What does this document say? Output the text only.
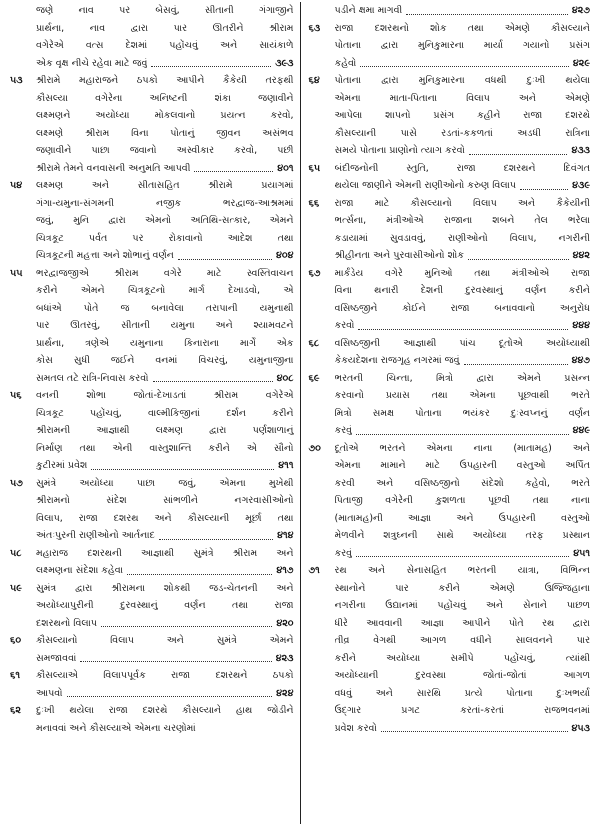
જણે નાવ પર બેસવું, સીતાની ગંગાજીને
પ્રાર્થના, નાવ દ્વારા પાર ઊતરીને શ્રીરામ
વગેરેએ વત્સ દેશમાં પહોંચવું અને સાયંકાળે
એક વૃક્ષ નીચે રહેવા માટે જવું	૩૯૩
૫૩	શ્રીરામે મહારાજને ઠપકો આપીને કૈકેયી તરફથી
કૌસલ્યા વગેરેના અનિષ્ટની શંકા જણાવીને
લક્ષ્મણને અયોધ્યા મોકલવાનો પ્રયત્ન કરવો,
લક્ષ્મણે શ્રીરામ વિના પોતાનું જીવન અસંભવ
જણાવીને પાછા જવાનો અસ્વીકાર કરવો, પછી
શ્રીરામે તેમને વનવાસની અનુમતિ આપવી	૪૦૧
૫૪	લક્ષ્મણ અને સીતાસહિત શ્રીરામે પ્રયાગમાં
ગંગા-યમુના-સંગમની નજીક ભરદ્વાજ-આશ્રમમાં
જવું, મુનિ દ્વારા એમનો અતિથિ-સત્કાર, એમને
ચિત્રકૂટ પર્વત પર રોકાવાનો આદેશ તથા
ચિત્રકૂટની મહત્તા અને શોભાનું વર્ણન	૪૦૪
૫૫	ભરદ્વાજજીએ શ્રીરામ વગેરે માટે સ્વસ્તિવાચન
કરીને એમને ચિત્રકૂટનો માર્ગ દેખાડવો, એ
બધાંએ પોતે જ બનાવેલા તરાપાની યમુનાથી
પાર ઊતરવું, સીતાની યમુના અને શ્યામવટને
પ્રાર્થના, ત્રણેએ યમુનાના કિનારાના માર્ગે એક
કોસ સુધી જઈને વનમાં વિચરવું, યમુનાજીના
સમતલ તટે રાત્રિ-નિવાસ કરવો	૪૦૮
૫૬	વનની શોભા જોતાં-દેખાડતાં શ્રીરામ વગેરેએ
ચિત્રકૂટ પહોંચવું, વાલ્મીકિજીનાં દર્શન કરીને
શ્રીરામની આજ્ઞાથી લક્ષ્મણ દ્વારા પર્ણશાળાનું
નિર્માણ તથા એની વાસ્તુશાન્તિ કરીને એ સૌનો
કુટીરમાં પ્રવેશ	૪૧૧
૫૭	સુમંત્રે અયોધ્યા પાછા જવું, એમના મુખેથી
શ્રીરામનો સંદેશ સાંભળીને નગરવાસીઓનો
વિલાપ, રાજા દશરથ અને કૌસલ્યાની મૂર્છા તથા
અંતઃપુરની રાણીઓનો આર્તનાદ	૪૧૪
૫૮	મહારાજ દશરથની આજ્ઞાથી સુમંત્રે શ્રીરામ અને
લક્ષ્મણના સંદેશા કહેવા	૪૧૭
૫૯	સુમંત્ર દ્વારા શ્રીરામના શોકથી જડ-ચેતનની અને
અયોધ્યાપુરીની દુરવસ્થાનું વર્ણન તથા રાજા
દશરથનો વિલાપ	૪૨૦
૬૦	કૌસલ્યાનો વિલાપ અને સુમંત્રે એમને
સમજાવવાં	૪૨૩
૬૧	કૌસલ્યાએ વિલાપપૂર્વક રાજા દશરથને ઠપકો
આપવો	૪૨૪
૬૨	દુઃખી થયેલા રાજા દશરથે કૌસલ્યાને હાથ જોડીને
મનાવવાં અને કૌસલ્યાએ એમના ચરણોમાં
પડીને ક્ષમા માગવી	૪૨૭
૬૩	રાજા દશરથનો શોક તથા એમણે કૌસલ્યાને
પોતાના દ્વારા મુનિકુમારના માર્યા ગયાનો પ્રસંગ
કહેવો	૪૨૯
૬૪	પોતાના દ્વારા મુનિકુમારના વધથી દુઃખી થયેલા
એમના માતા-પિતાના વિલાપ અને એમણે
આપેલા શાપનો પ્રસંગ કહીને રાજા દશરથે
કૌસલ્યાની પાસે રડતાં-કકળતાં અડધી રાત્રિના
સમયે પોતાના પ્રાણોનો ત્યાગ કરવો	૪૩૩
૬૫	બંદીજનોની સ્તુતિ, રાજા દશરથને દિવંગત
થયેલા જાણીને એમની રાણીઓનો કરુણ વિલાપ	૪૩૯
૬૬	રાજા માટે કૌસલ્યાનો વિલાપ અને કૈકેયીની
ભર્ત્સના, મંત્રીઓએ રાજાના શબને તેલ ભરેલા
કડાયામાં સુવડાવવું, રાણીઓનો વિલાપ, નગરીની
શ્રીહીનતા અને પુરવાસીઓનો શોક	૪૪૨
૬૭	માર્કંડેય વગેરે મુનિઓ તથા મંત્રીઓએ રાજા
વિના થનારી દેશની દુરવસ્થાનું વર્ણન કરીને
વસિષ્ઠજીને કોઈને રાજા બનાવવાનો અનુરોધ
કરવો	૪૪૪
૬૮	વસિષ્ઠજીની આજ્ઞાથી પાંચ દૂતોએ અયોધ્યાથી
કેકયદેશના રાજગૃહ નગરમાં જવું	૪૪૭
૬૯	ભરતની ચિન્તા, મિત્રો દ્વારા એમને પ્રસન્ન
કરવાનો પ્રયાસ તથા એમના પૂછવાથી ભરતે
મિત્રો સમક્ષ પોતાના ભયંકર દુઃસ્વપ્નનું વર્ણન
કરવું	૪૪૯
૭૦	દૂતોએ ભરતને એમના નાના (માતામહ) અને
એમના મામાને માટે ઉપહારની વસ્તુઓ અર્પિત
કરવી અને વસિષ્ઠજીનો સંદેશો કહેવો, ભરતે
પિતાજી વગેરેની કુશળતા પૂછવી તથા નાના
(માતામહ)ની આજ્ઞા અને ઉપહારની વસ્તુઓ
મેળવીને શત્રુઘ્નની સાથે અયોધ્યા તરફ પ્રસ્થાન
કરવું	૪૫૧
૭૧	રથ અને સેનાસહિત ભરતની યાત્રા, વિભિન્ન
સ્થાનોને પાર કરીને એમણે ઉજ્જિહાના
નગરીના ઉદ્યાનમાં પહોંચવું અને સેનાને પાછળ
ધીરે આવવાની આજ્ઞા આપીને પોતે રથ દ્વારા
તીવ્ર વેગથી આગળ વધીને સાલવનને પાર
કરીને અયોધ્યા સમીપે પહોંચવું, ત્યાંથી
અયોધ્યાની દુરવસ્થા જોતાં-જોતાં આગળ
વધવું અને સારથિ પ્રત્યે પોતાના દુઃખભર્યા
ઉદ્ગાર પ્રગટ કરતાં-કરતાં રાજભવનમાં
પ્રવેશ કરવો	૪૫૩
